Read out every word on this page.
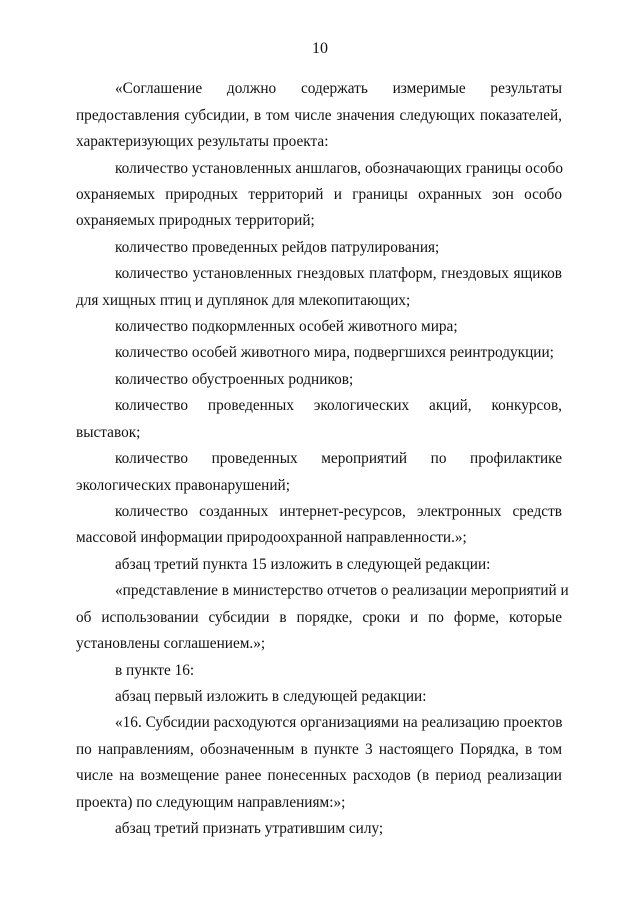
10
«Соглашение должно содержать измеримые результаты
предоставления субсидии, в том числе значения следующих показателей,
характеризующих результаты проекта:
количество установленных аншлагов, обозначающих границы особо
охраняемых природных территорий и границы охранных зон особо
охраняемых природных территорий;
количество проведенных рейдов патрулирования;
количество установленных гнездовых платформ, гнездовых ящиков
для хищных птиц и дуплянок для млекопитающих;
количество подкормленных особей животного мира;
количество особей животного мира, подвергшихся реинтродукции;
количество обустроенных родников;
количество проведенных экологических акций, конкурсов,
выставок;
количество проведенных мероприятий по профилактике
экологических правонарушений;
количество созданных интернет-ресурсов, электронных средств
массовой информации природоохранной направленности.»;
абзац третий пункта 15 изложить в следующей редакции:
«представление в министерство отчетов о реализации мероприятий и
об использовании субсидии в порядке, сроки и по форме, которые
установлены соглашением.»;
в пункте 16:
абзац первый изложить в следующей редакции:
«16. Субсидии расходуются организациями на реализацию проектов
по направлениям, обозначенным в пункте 3 настоящего Порядка, в том
числе на возмещение ранее понесенных расходов (в период реализации
проекта) по следующим направлениям:»;
абзац третий признать утратившим силу;
